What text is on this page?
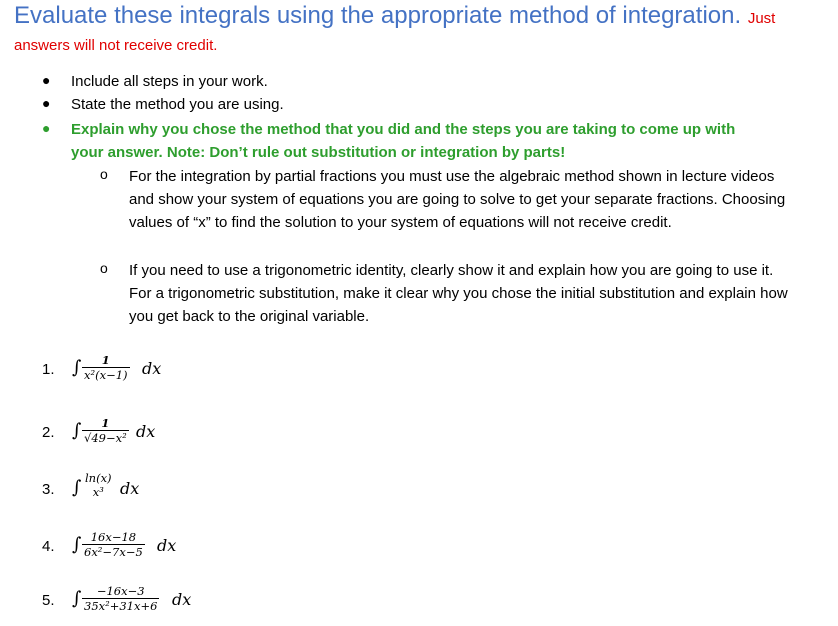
Evaluate these integrals using the appropriate method of integration. Just
answers will not receive credit.
● Include all steps in your work.
● State the method you are using.
● Explain why you chose the method that you did and the steps you are taking to come up with your answer. Note: Don’t rule out substitution or integration by parts!
o For the integration by partial fractions you must use the algebraic method shown in lecture videos and show your system of equations you are going to solve to get your separate fractions. Choosing values of “x” to find the solution to your system of equations will not receive credit.
o If you need to use a trigonometric identity, clearly show it and explain how you are going to use it. For a trigonometric substitution, make it clear why you chose the initial substitution and explain how you get back to the original variable.
1. ∫ $\frac{1}{\text{x²(x−1)}}$ dx
2. ∫ $\frac{1}{\text{√49−x²}}$ dx
3. ∫ ln(x)
x³ dx
4. ∫ $\frac{16x-18}{\text{6x²−7x−5}}$ dx
5. ∫ $\frac{-16x-3}{\text{35x²+31x+6}}$ dx
